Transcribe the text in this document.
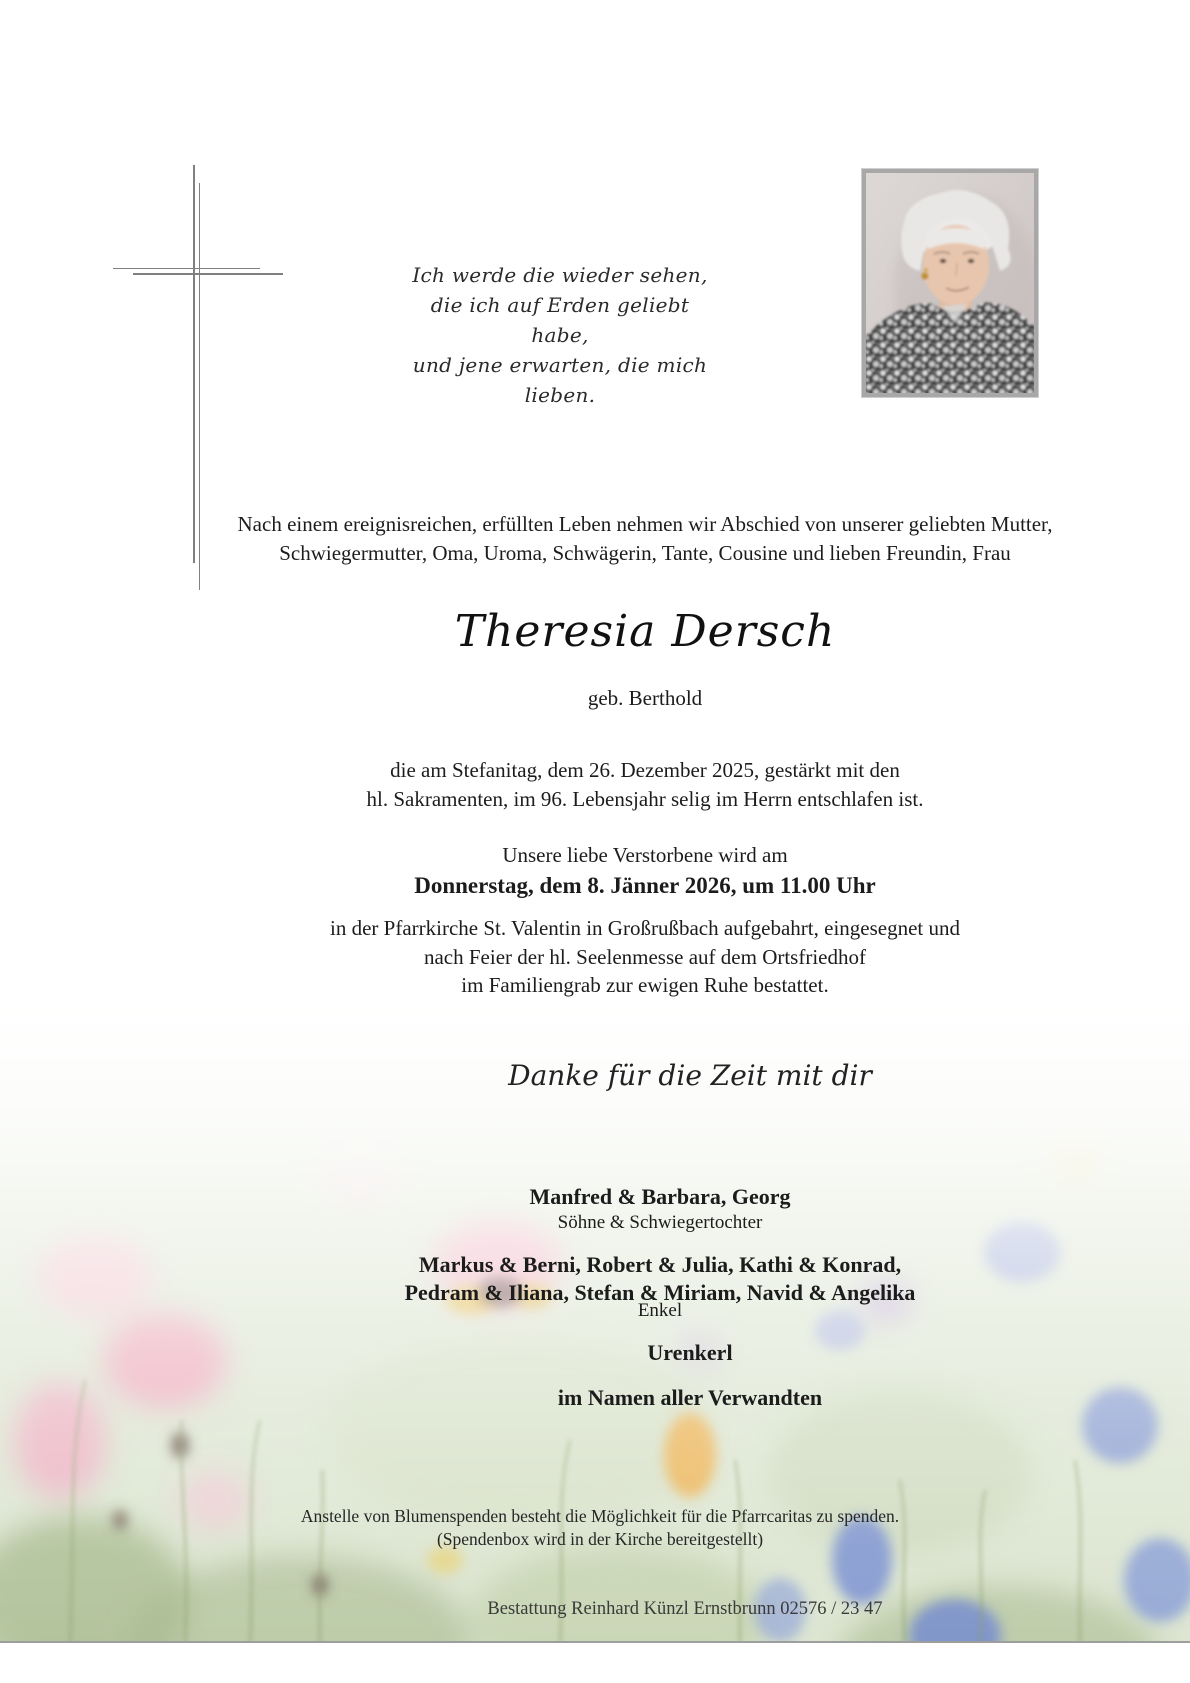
Ich werde die wieder sehen,
die ich auf Erden geliebt habe,
und jene erwarten, die mich lieben.
Nach einem ereignisreichen, erfüllten Leben nehmen wir Abschied von unserer geliebten Mutter,
Schwiegermutter, Oma, Uroma, Schwägerin, Tante, Cousine und lieben Freundin, Frau
Theresia Dersch
geb. Berthold
die am Stefanitag, dem 26. Dezember 2025, gestärkt mit den
hl. Sakramenten, im 96. Lebensjahr selig im Herrn entschlafen ist.
Unsere liebe Verstorbene wird am
Donnerstag, dem 8. Jänner 2026, um 11.00 Uhr
in der Pfarrkirche St. Valentin in Großrußbach aufgebahrt, eingesegnet und
nach Feier der hl. Seelenmesse auf dem Ortsfriedhof
im Familiengrab zur ewigen Ruhe bestattet.
Danke für die Zeit mit dir
Manfred & Barbara, Georg
Söhne & Schwiegertochter
Markus & Berni, Robert & Julia, Kathi & Konrad,
Pedram & Iliana, Stefan & Miriam, Navid & Angelika
Enkel
Urenkerl
im Namen aller Verwandten
Anstelle von Blumenspenden besteht die Möglichkeit für die Pfarrcaritas zu spenden.
(Spendenbox wird in der Kirche bereitgestellt)
Bestattung Reinhard Künzl Ernstbrunn 02576 / 23 47
